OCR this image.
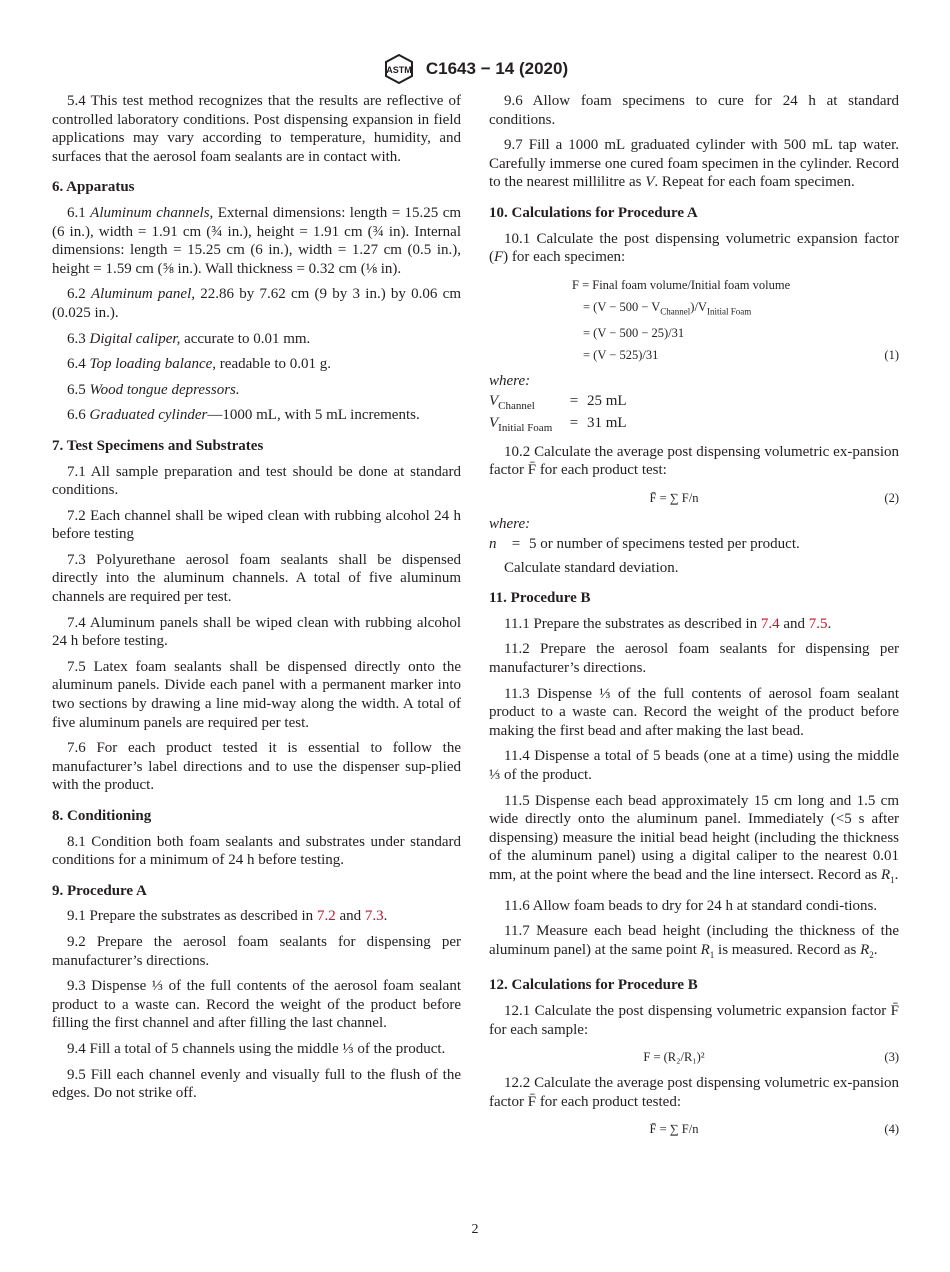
ASTM C1643 − 14 (2020)

5.4 This test method recognizes that the results are reflective of controlled laboratory conditions. Post dispensing expansion in field applications may vary according to temperature, humidity, and surfaces that the aerosol foam sealants are in contact with.

6. Apparatus

6.1 Aluminum channels, External dimensions: length = 15.25 cm (6 in.), width = 1.91 cm (¾ in.), height = 1.91 cm (¾ in). Internal dimensions: length = 15.25 cm (6 in.), width = 1.27 cm (0.5 in.), height = 1.59 cm (⅝ in.). Wall thickness = 0.32 cm (⅛ in).

6.2 Aluminum panel, 22.86 by 7.62 cm (9 by 3 in.) by 0.06 cm (0.025 in.).

6.3 Digital caliper, accurate to 0.01 mm.

6.4 Top loading balance, readable to 0.01 g.

6.5 Wood tongue depressors.

6.6 Graduated cylinder—1000 mL, with 5 mL increments.

7. Test Specimens and Substrates

7.1 All sample preparation and test should be done at standard conditions.

7.2 Each channel shall be wiped clean with rubbing alcohol 24 h before testing

7.3 Polyurethane aerosol foam sealants shall be dispensed directly into the aluminum channels. A total of five aluminum channels are required per test.

7.4 Aluminum panels shall be wiped clean with rubbing alcohol 24 h before testing.

7.5 Latex foam sealants shall be dispensed directly onto the aluminum panels. Divide each panel with a permanent marker into two sections by drawing a line mid-way along the width. A total of five aluminum panels are required per test.

7.6 For each product tested it is essential to follow the manufacturer’s label directions and to use the dispenser sup-plied with the product.

8. Conditioning

8.1 Condition both foam sealants and substrates under standard conditions for a minimum of 24 h before testing.

9. Procedure A

9.1 Prepare the substrates as described in 7.2 and 7.3.

9.2 Prepare the aerosol foam sealants for dispensing per manufacturer’s directions.

9.3 Dispense ⅓ of the full contents of the aerosol foam sealant product to a waste can. Record the weight of the product before filling the first channel and after filling the last channel.

9.4 Fill a total of 5 channels using the middle ⅓ of the product.

9.5 Fill each channel evenly and visually full to the flush of the edges. Do not strike off.

9.6 Allow foam specimens to cure for 24 h at standard conditions.

9.7 Fill a 1000 mL graduated cylinder with 500 mL tap water. Carefully immerse one cured foam specimen in the cylinder. Record to the nearest millilitre as V. Repeat for each foam specimen.

10. Calculations for Procedure A

10.1 Calculate the post dispensing volumetric expansion factor (F) for each specimen:

F = Final foam volume/Initial foam volume
= $(V - 500 - V_{Channel})/V_{Initial Foam}$
= (V − 500 − 25)/31
= (V − 525)/31	(1)
where:
$V_{Channel}$	= 25 mL
$V_{Initial Foam}$	= 31 mL

10.2 Calculate the average post dispensing volumetric ex-pansion factor F̄ for each product test:

F̄ = ∑ F/n	(2)
where:
n	= 5 or number of specimens tested per product.

Calculate standard deviation.

11. Procedure B

11.1 Prepare the substrates as described in 7.4 and 7.5.

11.2 Prepare the aerosol foam sealants for dispensing per manufacturer’s directions.

11.3 Dispense ⅓ of the full contents of aerosol foam sealant product to a waste can. Record the weight of the product before making the first bead and after making the last bead.

11.4 Dispense a total of 5 beads (one at a time) using the middle ⅓ of the product.

11.5 Dispense each bead approximately 15 cm long and 1.5 cm wide directly onto the aluminum panel. Immediately (<5 s after dispensing) measure the initial bead height (including the thickness of the aluminum panel) using a digital caliper to the nearest 0.01 mm, at the point where the bead and the line intersect. Record as $R_1$.

11.6 Allow foam beads to dry for 24 h at standard condi-tions.

11.7 Measure each bead height (including the thickness of the aluminum panel) at the same point $R_1$ is measured. Record as $R_2$.

12. Calculations for Procedure B

12.1 Calculate the post dispensing volumetric expansion factor F̄ for each sample:

F = (R₂/R₁)²	(3)

12.2 Calculate the average post dispensing volumetric ex-pansion factor F̄ for each product tested:

F̄ = ∑ F/n	(4)
2
